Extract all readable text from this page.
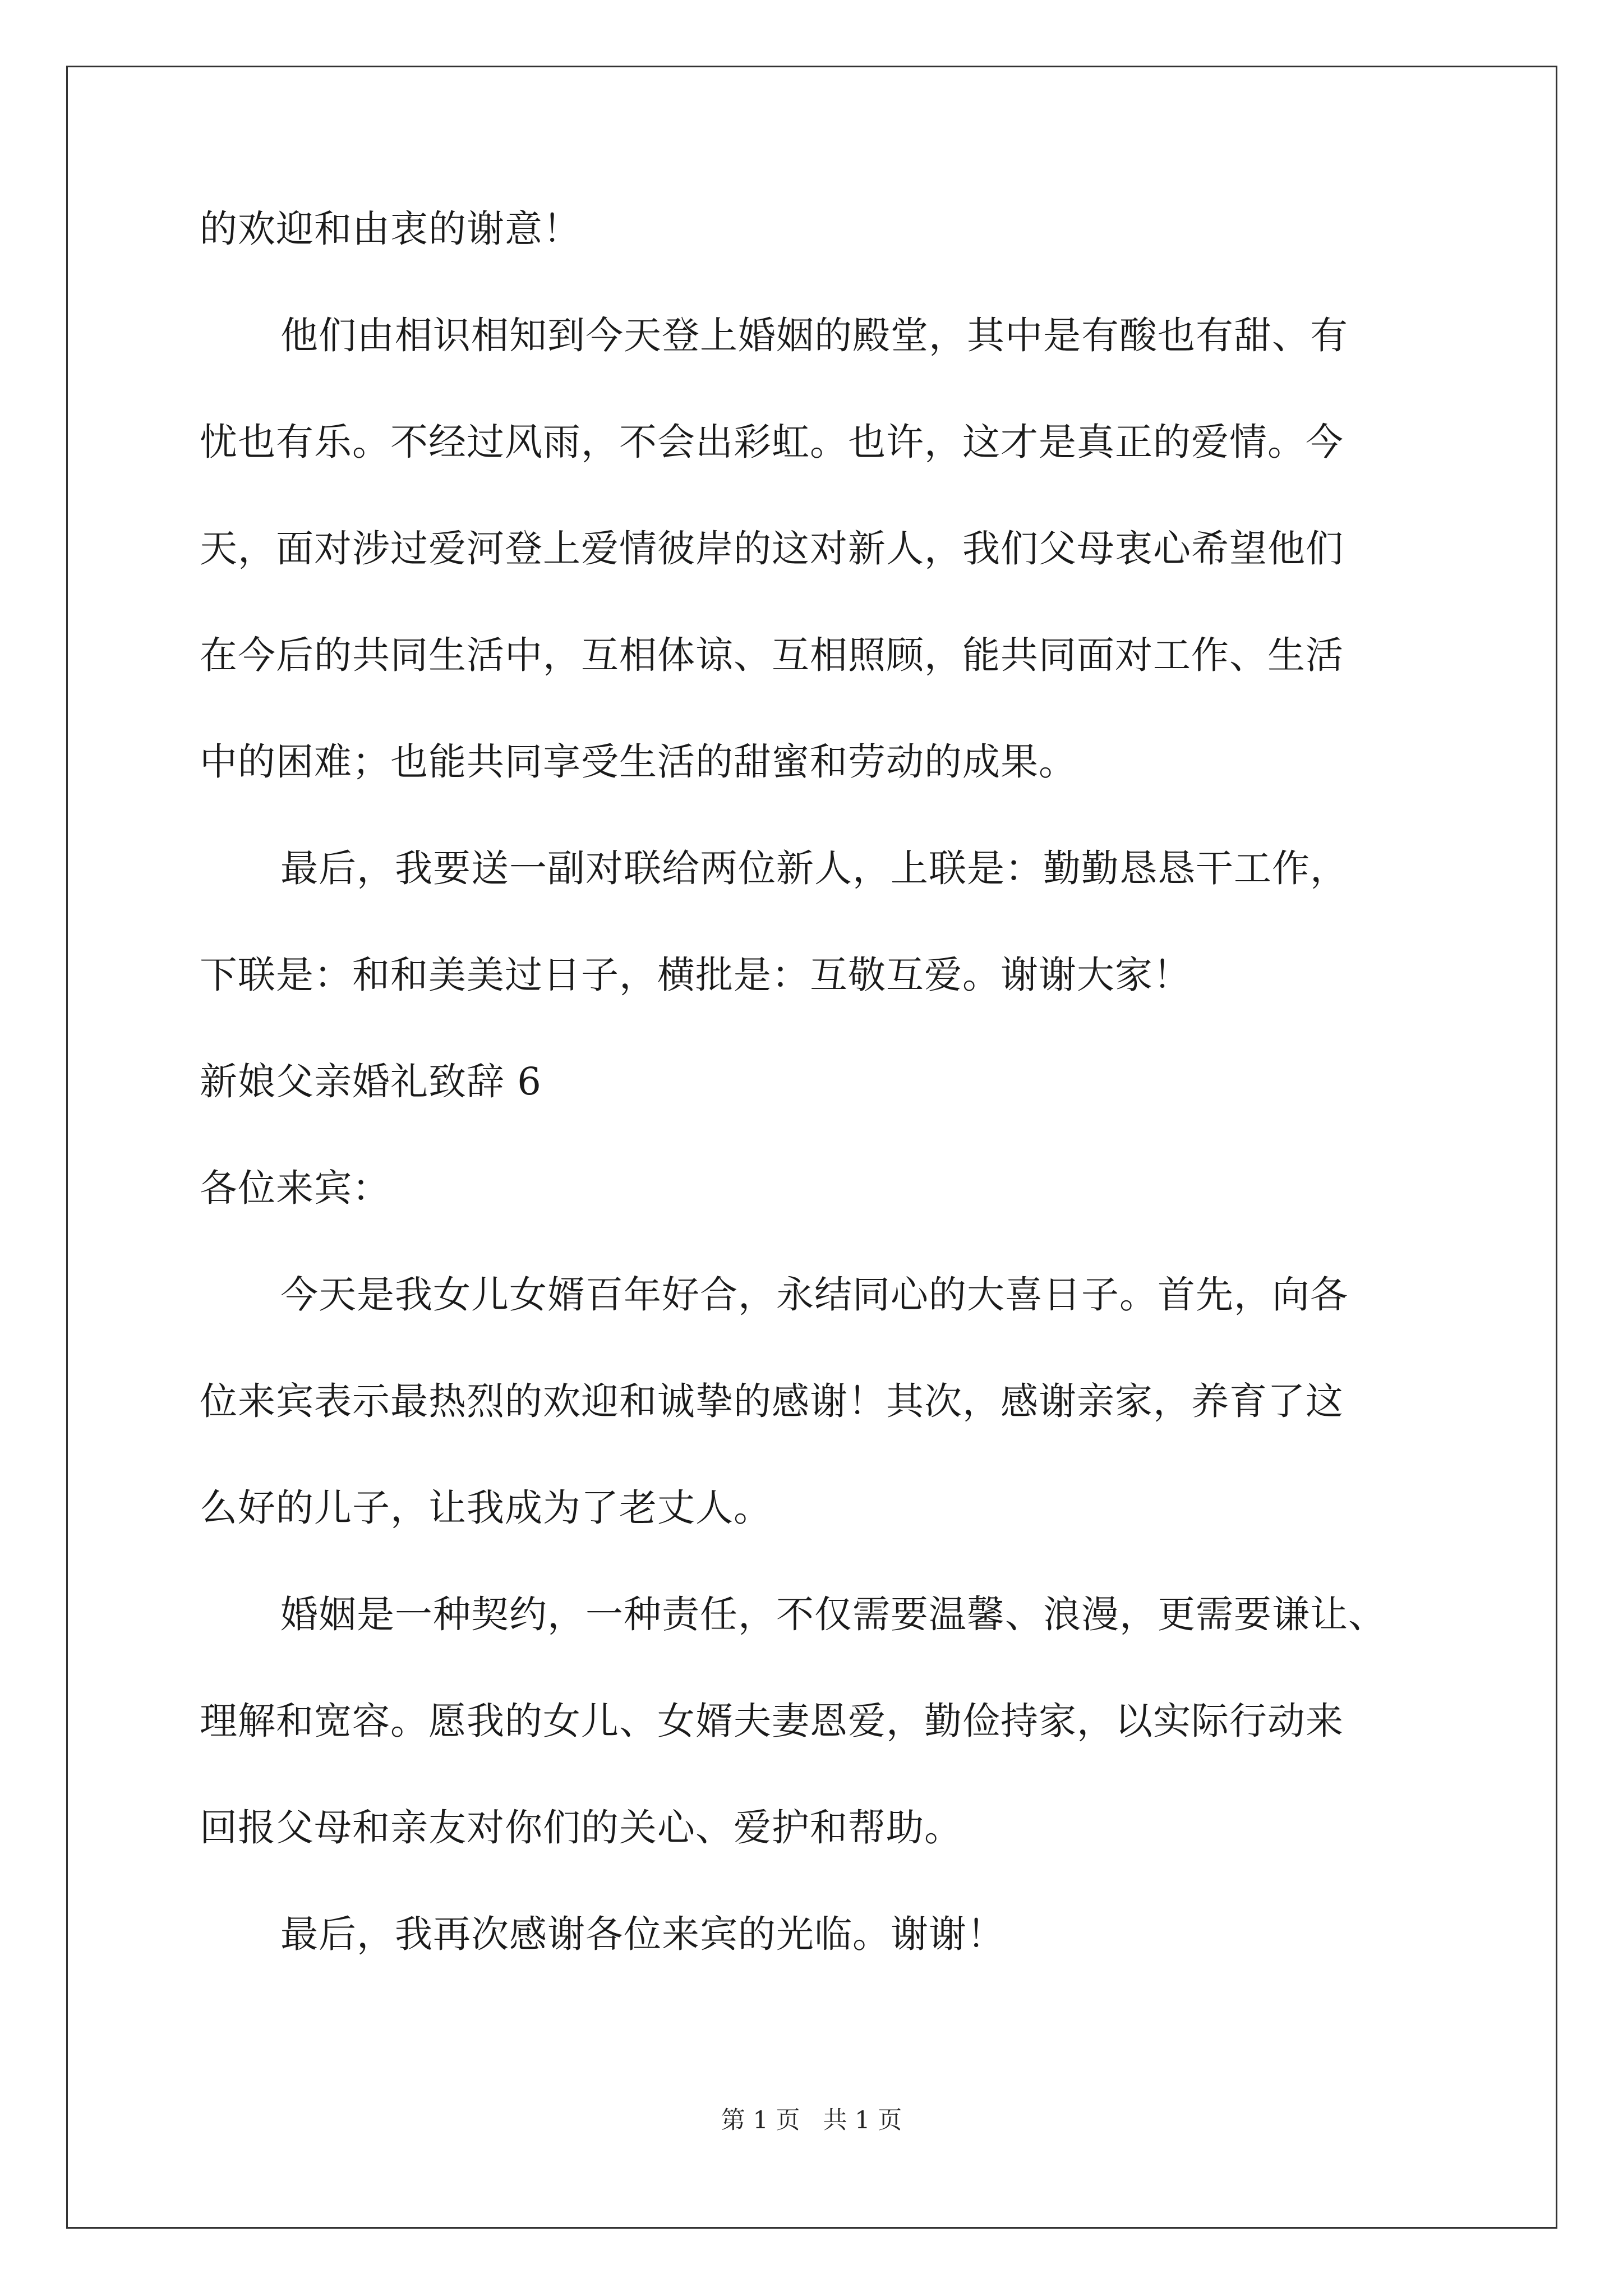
的欢迎和由衷的谢意！
他们由相识相知到今天登上婚姻的殿堂，其中是有酸也有甜、有
忧也有乐。不经过风雨，不会出彩虹。也许，这才是真正的爱情。今
天，面对涉过爱河登上爱情彼岸的这对新人，我们父母衷心希望他们
在今后的共同生活中，互相体谅、互相照顾，能共同面对工作、生活
中的困难；也能共同享受生活的甜蜜和劳动的成果。
最后，我要送一副对联给两位新人，上联是：勤勤恳恳干工作，
下联是：和和美美过日子，横批是：互敬互爱。谢谢大家！
新娘父亲婚礼致辞 6
各位来宾：
今天是我女儿女婿百年好合，永结同心的大喜日子。首先，向各
位来宾表示最热烈的欢迎和诚挚的感谢！其次，感谢亲家，养育了这
么好的儿子，让我成为了老丈人。
婚姻是一种契约，一种责任，不仅需要温馨、浪漫，更需要谦让、
理解和宽容。愿我的女儿、女婿夫妻恩爱，勤俭持家，以实际行动来
回报父母和亲友对你们的关心、爱护和帮助。
最后，我再次感谢各位来宾的光临。谢谢！
第 1 页   共 1 页
